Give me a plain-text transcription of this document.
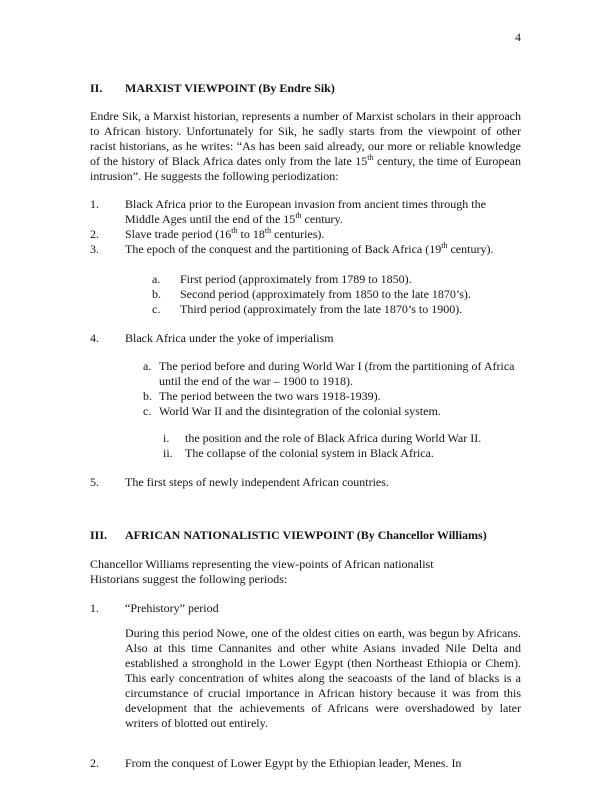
4
II.	MARXIST VIEWPOINT (By Endre Sik)
Endre Sik, a Marxist historian, represents a number of Marxist scholars in their approach to African history. Unfortunately for Sik, he sadly starts from the viewpoint of other racist historians, as he writes: “As has been said already, our more or reliable knowledge of the history of Black Africa dates only from the late 15th century, the time of European intrusion”. He suggests the following periodization:
1.	Black Africa prior to the European invasion from ancient times through the Middle Ages until the end of the 15th century.
2.	Slave trade period (16th to 18th centuries).
3.	The epoch of the conquest and the partitioning of Back Africa (19th century).
a.	First period (approximately from 1789 to 1850).
b.	Second period (approximately from 1850 to the late 1870’s).
c.	Third period (approximately from the late 1870’s to 1900).
4.	Black Africa under the yoke of imperialism
a. The period before and during World War I (from the partitioning of Africa until the end of the war – 1900 to 1918).
b. The period between the two wars 1918-1939).
c. World War II and the disintegration of the colonial system.
i.	the position and the role of Black Africa during World War II.
ii.	The collapse of the colonial system in Black Africa.
5.	The first steps of newly independent African countries.
III.	AFRICAN NATIONALISTIC VIEWPOINT (By Chancellor Williams)
Chancellor Williams representing the view-points of African nationalist
Historians suggest the following periods:
1.	“Prehistory” period
During this period Nowe, one of the oldest cities on earth, was begun by Africans. Also at this time Cannanites and other white Asians invaded Nile Delta and established a stronghold in the Lower Egypt (then Northeast Ethiopia or Chem). This early concentration of whites along the seacoasts of the land of blacks is a circumstance of crucial importance in African history because it was from this development that the achievements of Africans were overshadowed by later writers of blotted out entirely.
2.	From the conquest of Lower Egypt by the Ethiopian leader, Menes. In
